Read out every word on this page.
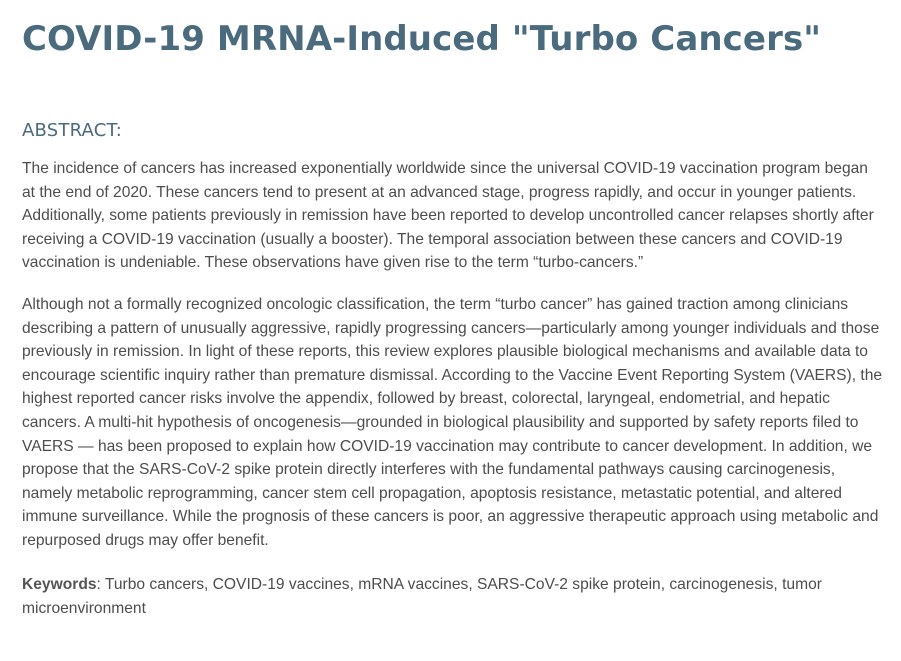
COVID-19 MRNA-Induced "Turbo Cancers"
ABSTRACT:

The incidence of cancers has increased exponentially worldwide since the universal COVID-19 vaccination program began at the end of 2020. These cancers tend to present at an advanced stage, progress rapidly, and occur in younger patients. Additionally, some patients previously in remission have been reported to develop uncontrolled cancer relapses shortly after receiving a COVID-19 vaccination (usually a booster). The temporal association between these cancers and COVID-19 vaccination is undeniable. These observations have given rise to the term “turbo-cancers.”

Although not a formally recognized oncologic classification, the term “turbo cancer” has gained traction among clinicians describing a pattern of unusually aggressive, rapidly progressing cancers—particularly among younger individuals and those previously in remission. In light of these reports, this review explores plausible biological mechanisms and available data to encourage scientific inquiry rather than premature dismissal. According to the Vaccine Event Reporting System (VAERS), the highest reported cancer risks involve the appendix, followed by breast, colorectal, laryngeal, endometrial, and hepatic cancers. A multi-hit hypothesis of oncogenesis—grounded in biological plausibility and supported by safety reports filed to VAERS — has been proposed to explain how COVID-19 vaccination may contribute to cancer development. In addition, we propose that the SARS-CoV-2 spike protein directly interferes with the fundamental pathways causing carcinogenesis, namely metabolic reprogramming, cancer stem cell propagation, apoptosis resistance, metastatic potential, and altered immune surveillance. While the prognosis of these cancers is poor, an aggressive therapeutic approach using metabolic and repurposed drugs may offer benefit.

Keywords: Turbo cancers, COVID-19 vaccines, mRNA vaccines, SARS-CoV-2 spike protein, carcinogenesis, tumor microenvironment
